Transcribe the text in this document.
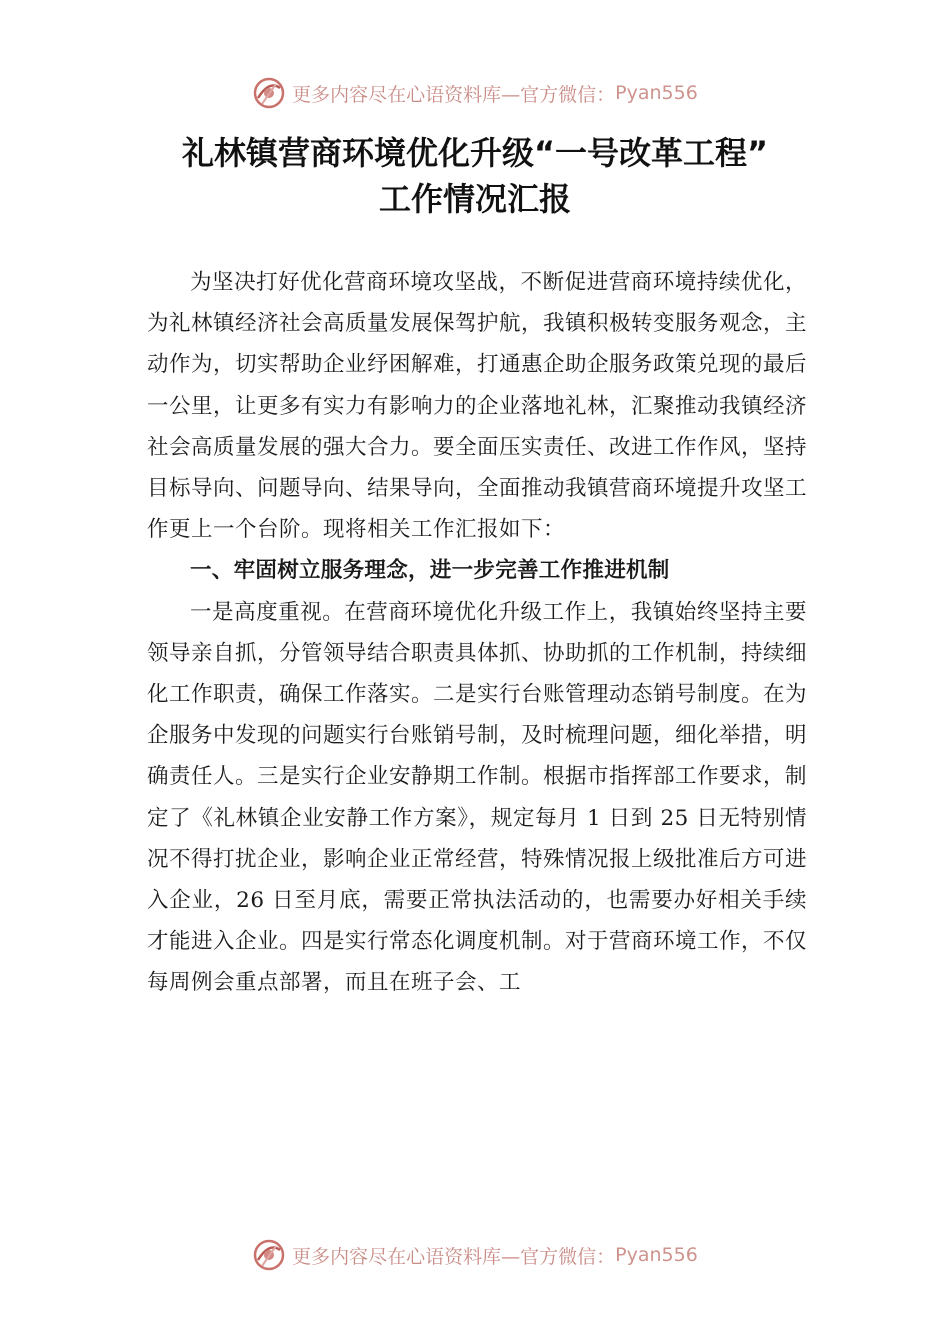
更多内容尽在心语资料库—官方微信： Pyan556
礼林镇营商环境优化升级“一号改革工程”
工作情况汇报

为坚决打好优化营商环境攻坚战，不断促进营商环境持续优化，为礼林镇经济社会高质量发展保驾护航，我镇积极转变服务观念，主动作为，切实帮助企业纾困解难，打通惠企助企服务政策兑现的最后一公里，让更多有实力有影响力的企业落地礼林，汇聚推动我镇经济社会高质量发展的强大合力。要全面压实责任、改进工作作风，坚持目标导向、问题导向、结果导向，全面推动我镇营商环境提升攻坚工作更上一个台阶。现将相关工作汇报如下：

一、牢固树立服务理念，进一步完善工作推进机制

一是高度重视。在营商环境优化升级工作上，我镇始终坚持主要领导亲自抓，分管领导结合职责具体抓、协助抓的工作机制，持续细化工作职责，确保工作落实。二是实行台账管理动态销号制度。在为企服务中发现的问题实行台账销号制，及时梳理问题，细化举措，明确责任人。三是实行企业安静期工作制。根据市指挥部工作要求，制定了《礼林镇企业安静工作方案》，规定每月 1 日到 25 日无特别情况不得打扰企业，影响企业正常经营，特殊情况报上级批准后方可进入企业，26 日至月底，需要正常执法活动的，也需要办好相关手续才能进入企业。四是实行常态化调度机制。对于营商环境工作，不仅每周例会重点部署，而且在班子会、工

更多内容尽在心语资料库—官方微信： Pyan556
